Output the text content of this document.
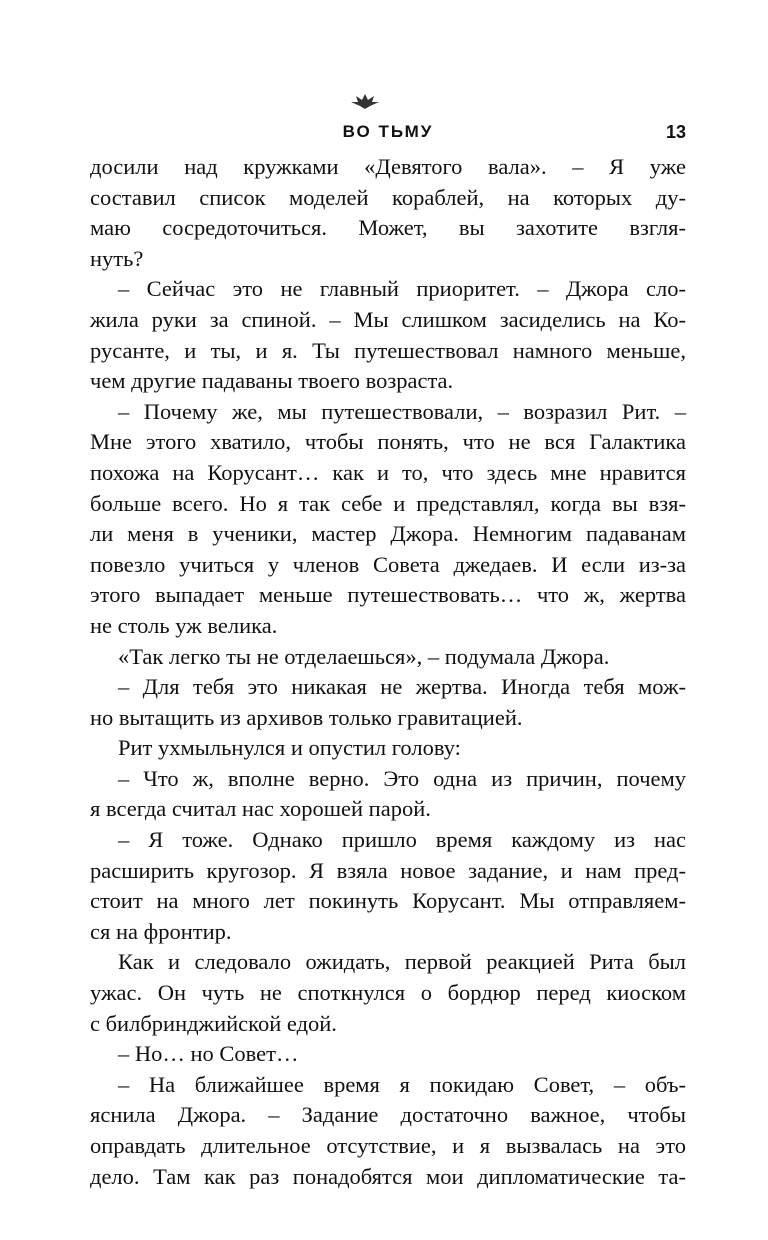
ВО ТЬМУ	13
досили над кружками «Девятого вала». – Я уже
составил список моделей кораблей, на которых ду-
маю сосредоточиться. Может, вы захотите взгля-
нуть?
– Сейчас это не главный приоритет. – Джора сло-
жила руки за спиной. – Мы слишком засиделись на Ко-
русанте, и ты, и я. Ты путешествовал намного меньше,
чем другие падаваны твоего возраста.
– Почему же, мы путешествовали, – возразил Рит. –
Мне этого хватило, чтобы понять, что не вся Галактика
похожа на Корусант… как и то, что здесь мне нравится
больше всего. Но я так себе и представлял, когда вы взя-
ли меня в ученики, мастер Джора. Немногим падаванам
повезло учиться у членов Совета джедаев. И если из-за
этого выпадает меньше путешествовать… что ж, жертва
не столь уж велика.
«Так легко ты не отделаешься», – подумала Джора.
– Для тебя это никакая не жертва. Иногда тебя мож-
но вытащить из архивов только гравитацией.
Рит ухмыльнулся и опустил голову:
– Что ж, вполне верно. Это одна из причин, почему
я всегда считал нас хорошей парой.
– Я тоже. Однако пришло время каждому из нас
расширить кругозор. Я взяла новое задание, и нам пред-
стоит на много лет покинуть Корусант. Мы отправляем-
ся на фронтир.
Как и следовало ожидать, первой реакцией Рита был
ужас. Он чуть не споткнулся о бордюр перед киоском
с билбринджийской едой.
– Но… но Совет…
– На ближайшее время я покидаю Совет, – объ-
яснила Джора. – Задание достаточно важное, чтобы
оправдать длительное отсутствие, и я вызвалась на это
дело. Там как раз понадобятся мои дипломатические та-
